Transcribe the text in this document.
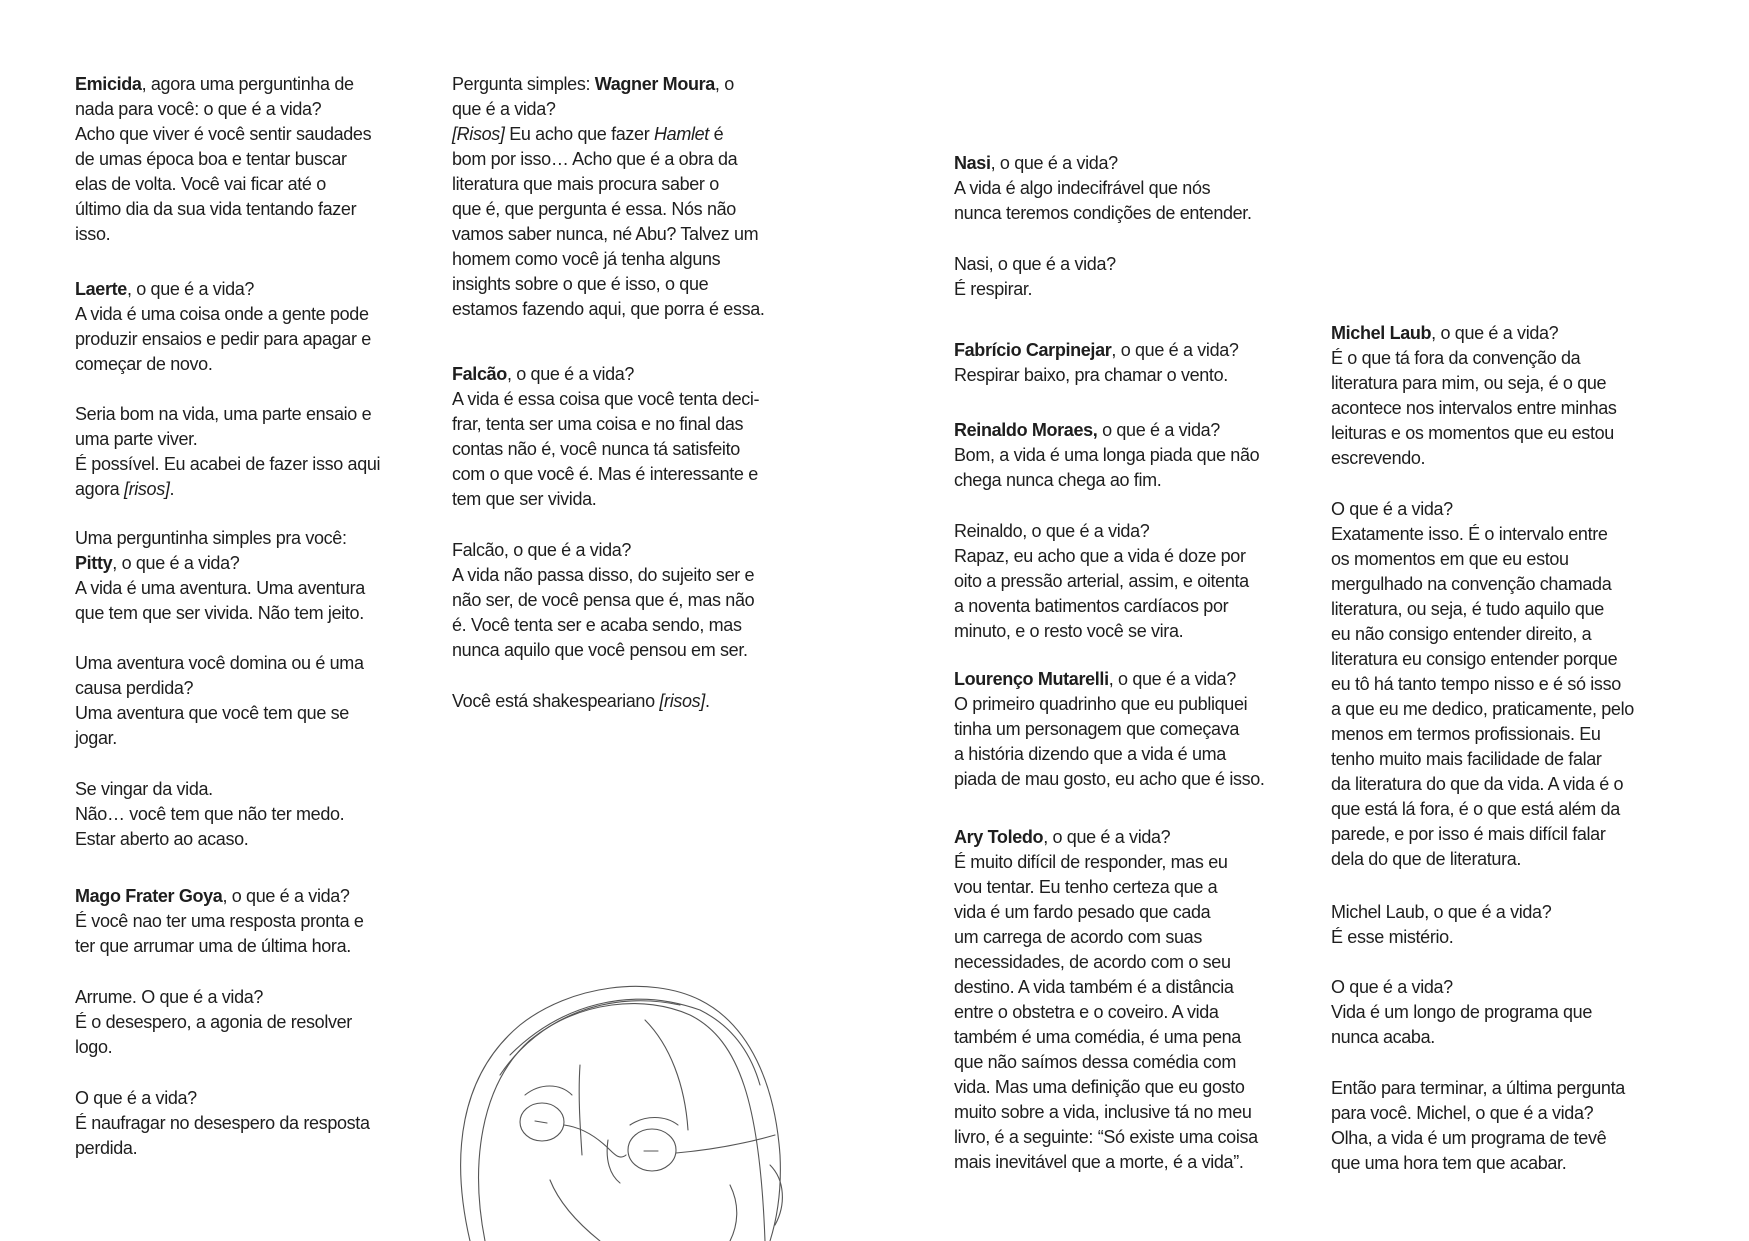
Emicida, agora uma perguntinha de
nada para você: o que é a vida?
Acho que viver é você sentir saudades
de umas época boa e tentar buscar
elas de volta. Você vai ficar até o
último dia da sua vida tentando fazer
isso.
Laerte, o que é a vida?
A vida é uma coisa onde a gente pode
produzir ensaios e pedir para apagar e
começar de novo.
Seria bom na vida, uma parte ensaio e
uma parte viver.
É possível. Eu acabei de fazer isso aqui
agora [risos].
Uma perguntinha simples pra você:
Pitty, o que é a vida?
A vida é uma aventura. Uma aventura
que tem que ser vivida. Não tem jeito.
Uma aventura você domina ou é uma
causa perdida?
Uma aventura que você tem que se
jogar.
Se vingar da vida.
Não… você tem que não ter medo.
Estar aberto ao acaso.
Mago Frater Goya, o que é a vida?
É você nao ter uma resposta pronta e
ter que arrumar uma de última hora.
Arrume. O que é a vida?
É o desespero, a agonia de resolver
logo.
O que é a vida?
É naufragar no desespero da resposta
perdida.
Pergunta simples: Wagner Moura, o
que é a vida?
[Risos] Eu acho que fazer Hamlet é
bom por isso… Acho que é a obra da
literatura que mais procura saber o
que é, que pergunta é essa. Nós não
vamos saber nunca, né Abu? Talvez um
homem como você já tenha alguns
insights sobre o que é isso, o que
estamos fazendo aqui, que porra é essa.
Falcão, o que é a vida?
A vida é essa coisa que você tenta deci-
frar, tenta ser uma coisa e no final das
contas não é, você nunca tá satisfeito
com o que você é. Mas é interessante e
tem que ser vivida.
Falcão, o que é a vida?
A vida não passa disso, do sujeito ser e
não ser, de você pensa que é, mas não
é. Você tenta ser e acaba sendo, mas
nunca aquilo que você pensou em ser.
Você está shakespeariano [risos].
Nasi, o que é a vida?
A vida é algo indecifrável que nós
nunca teremos condições de entender.
Nasi, o que é a vida?
É respirar.
Fabrício Carpinejar, o que é a vida?
Respirar baixo, pra chamar o vento.
Reinaldo Moraes, o que é a vida?
Bom, a vida é uma longa piada que não
chega nunca chega ao fim.
Reinaldo, o que é a vida?
Rapaz, eu acho que a vida é doze por
oito a pressão arterial, assim, e oitenta
a noventa batimentos cardíacos por
minuto, e o resto você se vira.
Lourenço Mutarelli, o que é a vida?
O primeiro quadrinho que eu publiquei
tinha um personagem que começava
a história dizendo que a vida é uma
piada de mau gosto, eu acho que é isso.
Ary Toledo, o que é a vida?
É muito difícil de responder, mas eu
vou tentar. Eu tenho certeza que a
vida é um fardo pesado que cada
um carrega de acordo com suas
necessidades, de acordo com o seu
destino. A vida também é a distância
entre o obstetra e o coveiro. A vida
também é uma comédia, é uma pena
que não saímos dessa comédia com
vida. Mas uma definição que eu gosto
muito sobre a vida, inclusive tá no meu
livro, é a seguinte: “Só existe uma coisa
mais inevitável que a morte, é a vida”.
Michel Laub, o que é a vida?
É o que tá fora da convenção da
literatura para mim, ou seja, é o que
acontece nos intervalos entre minhas
leituras e os momentos que eu estou
escrevendo.
O que é a vida?
Exatamente isso. É o intervalo entre
os momentos em que eu estou
mergulhado na convenção chamada
literatura, ou seja, é tudo aquilo que
eu não consigo entender direito, a
literatura eu consigo entender porque
eu tô há tanto tempo nisso e é só isso
a que eu me dedico, praticamente, pelo
menos em termos profissionais. Eu
tenho muito mais facilidade de falar
da literatura do que da vida. A vida é o
que está lá fora, é o que está além da
parede, e por isso é mais difícil falar
dela do que de literatura.
Michel Laub, o que é a vida?
É esse mistério.
O que é a vida?
Vida é um longo de programa que
nunca acaba.
Então para terminar, a última pergunta
para você. Michel, o que é a vida?
Olha, a vida é um programa de tevê
que uma hora tem que acabar.
